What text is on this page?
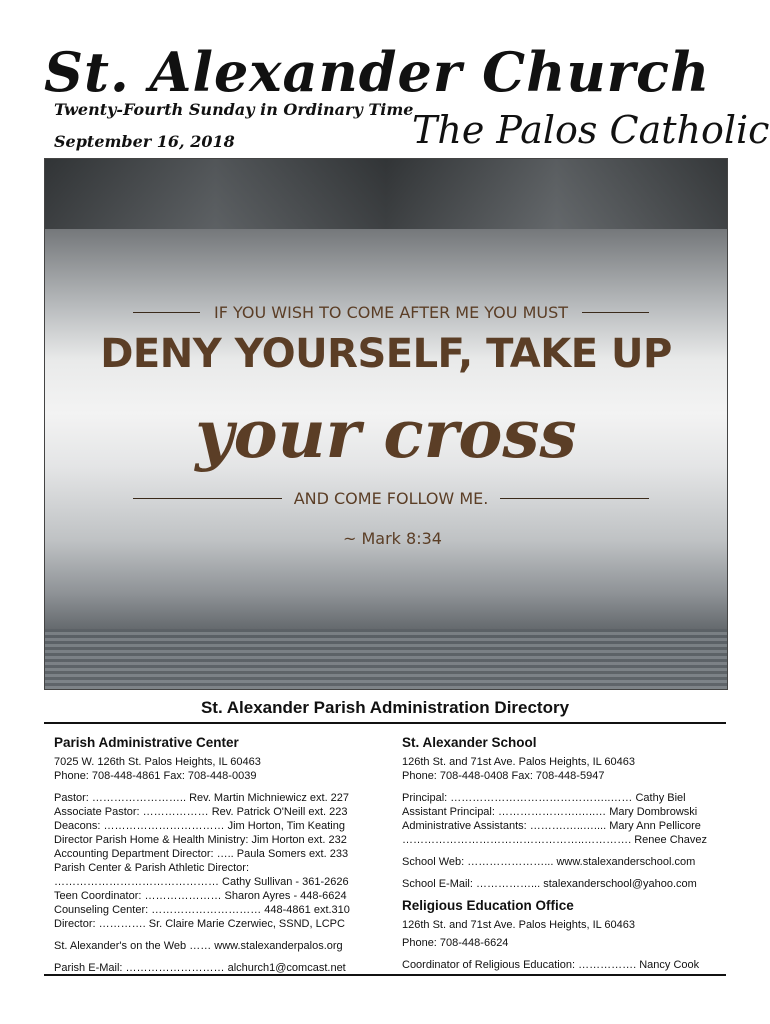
St. Alexander Church
Twenty-Fourth Sunday in Ordinary Time
September 16, 2018	The Palos Catholic
IF YOU WISH TO COME AFTER ME YOU MUST
DENY YOURSELF, TAKE UP
your cross
AND COME FOLLOW ME.
~ Mark 8:34
St. Alexander Parish Administration Directory
Parish Administrative Center
7025 W. 126th St. Palos Heights, IL 60463
Phone: 708-448-4861 Fax: 708-448-0039
Pastor: …………………….. Rev. Martin Michniewicz ext. 227
Associate Pastor: ……………… Rev. Patrick O'Neill ext. 223
Deacons: …………………………… Jim Horton, Tim Keating
Director Parish Home & Health Ministry: Jim Horton ext. 232
Accounting Department Director: ….. Paula Somers ext. 233
Parish Center & Parish Athletic Director:
……………………………………… Cathy Sullivan - 361-2626
Teen Coordinator: ………………… Sharon Ayres - 448-6624
Counseling Center: ………………………… 448-4861 ext.310
Director: …………. Sr. Claire Marie Czerwiec, SSND, LCPC
St. Alexander's on the Web …… www.stalexanderpalos.org
Parish E-Mail: ……………………… alchurch1@comcast.net
St. Alexander School
126th St. and 71st Ave. Palos Heights, IL 60463
Phone: 708-448-0408 Fax: 708-448-5947
Principal: ……………………………………..…… Cathy Biel
Assistant Principal: ………………….…..… Mary Dombrowski
Administrative Assistants: ……….…..….... Mary Ann Pellicore
…………………………………………..…………. Renee Chavez
School Web: …………………... www.stalexanderschool.com
School E-Mail: ……………... stalexanderschool@yahoo.com
Religious Education Office
126th St. and 71st Ave. Palos Heights, IL 60463
Phone: 708-448-6624
Coordinator of Religious Education: ……………. Nancy Cook
